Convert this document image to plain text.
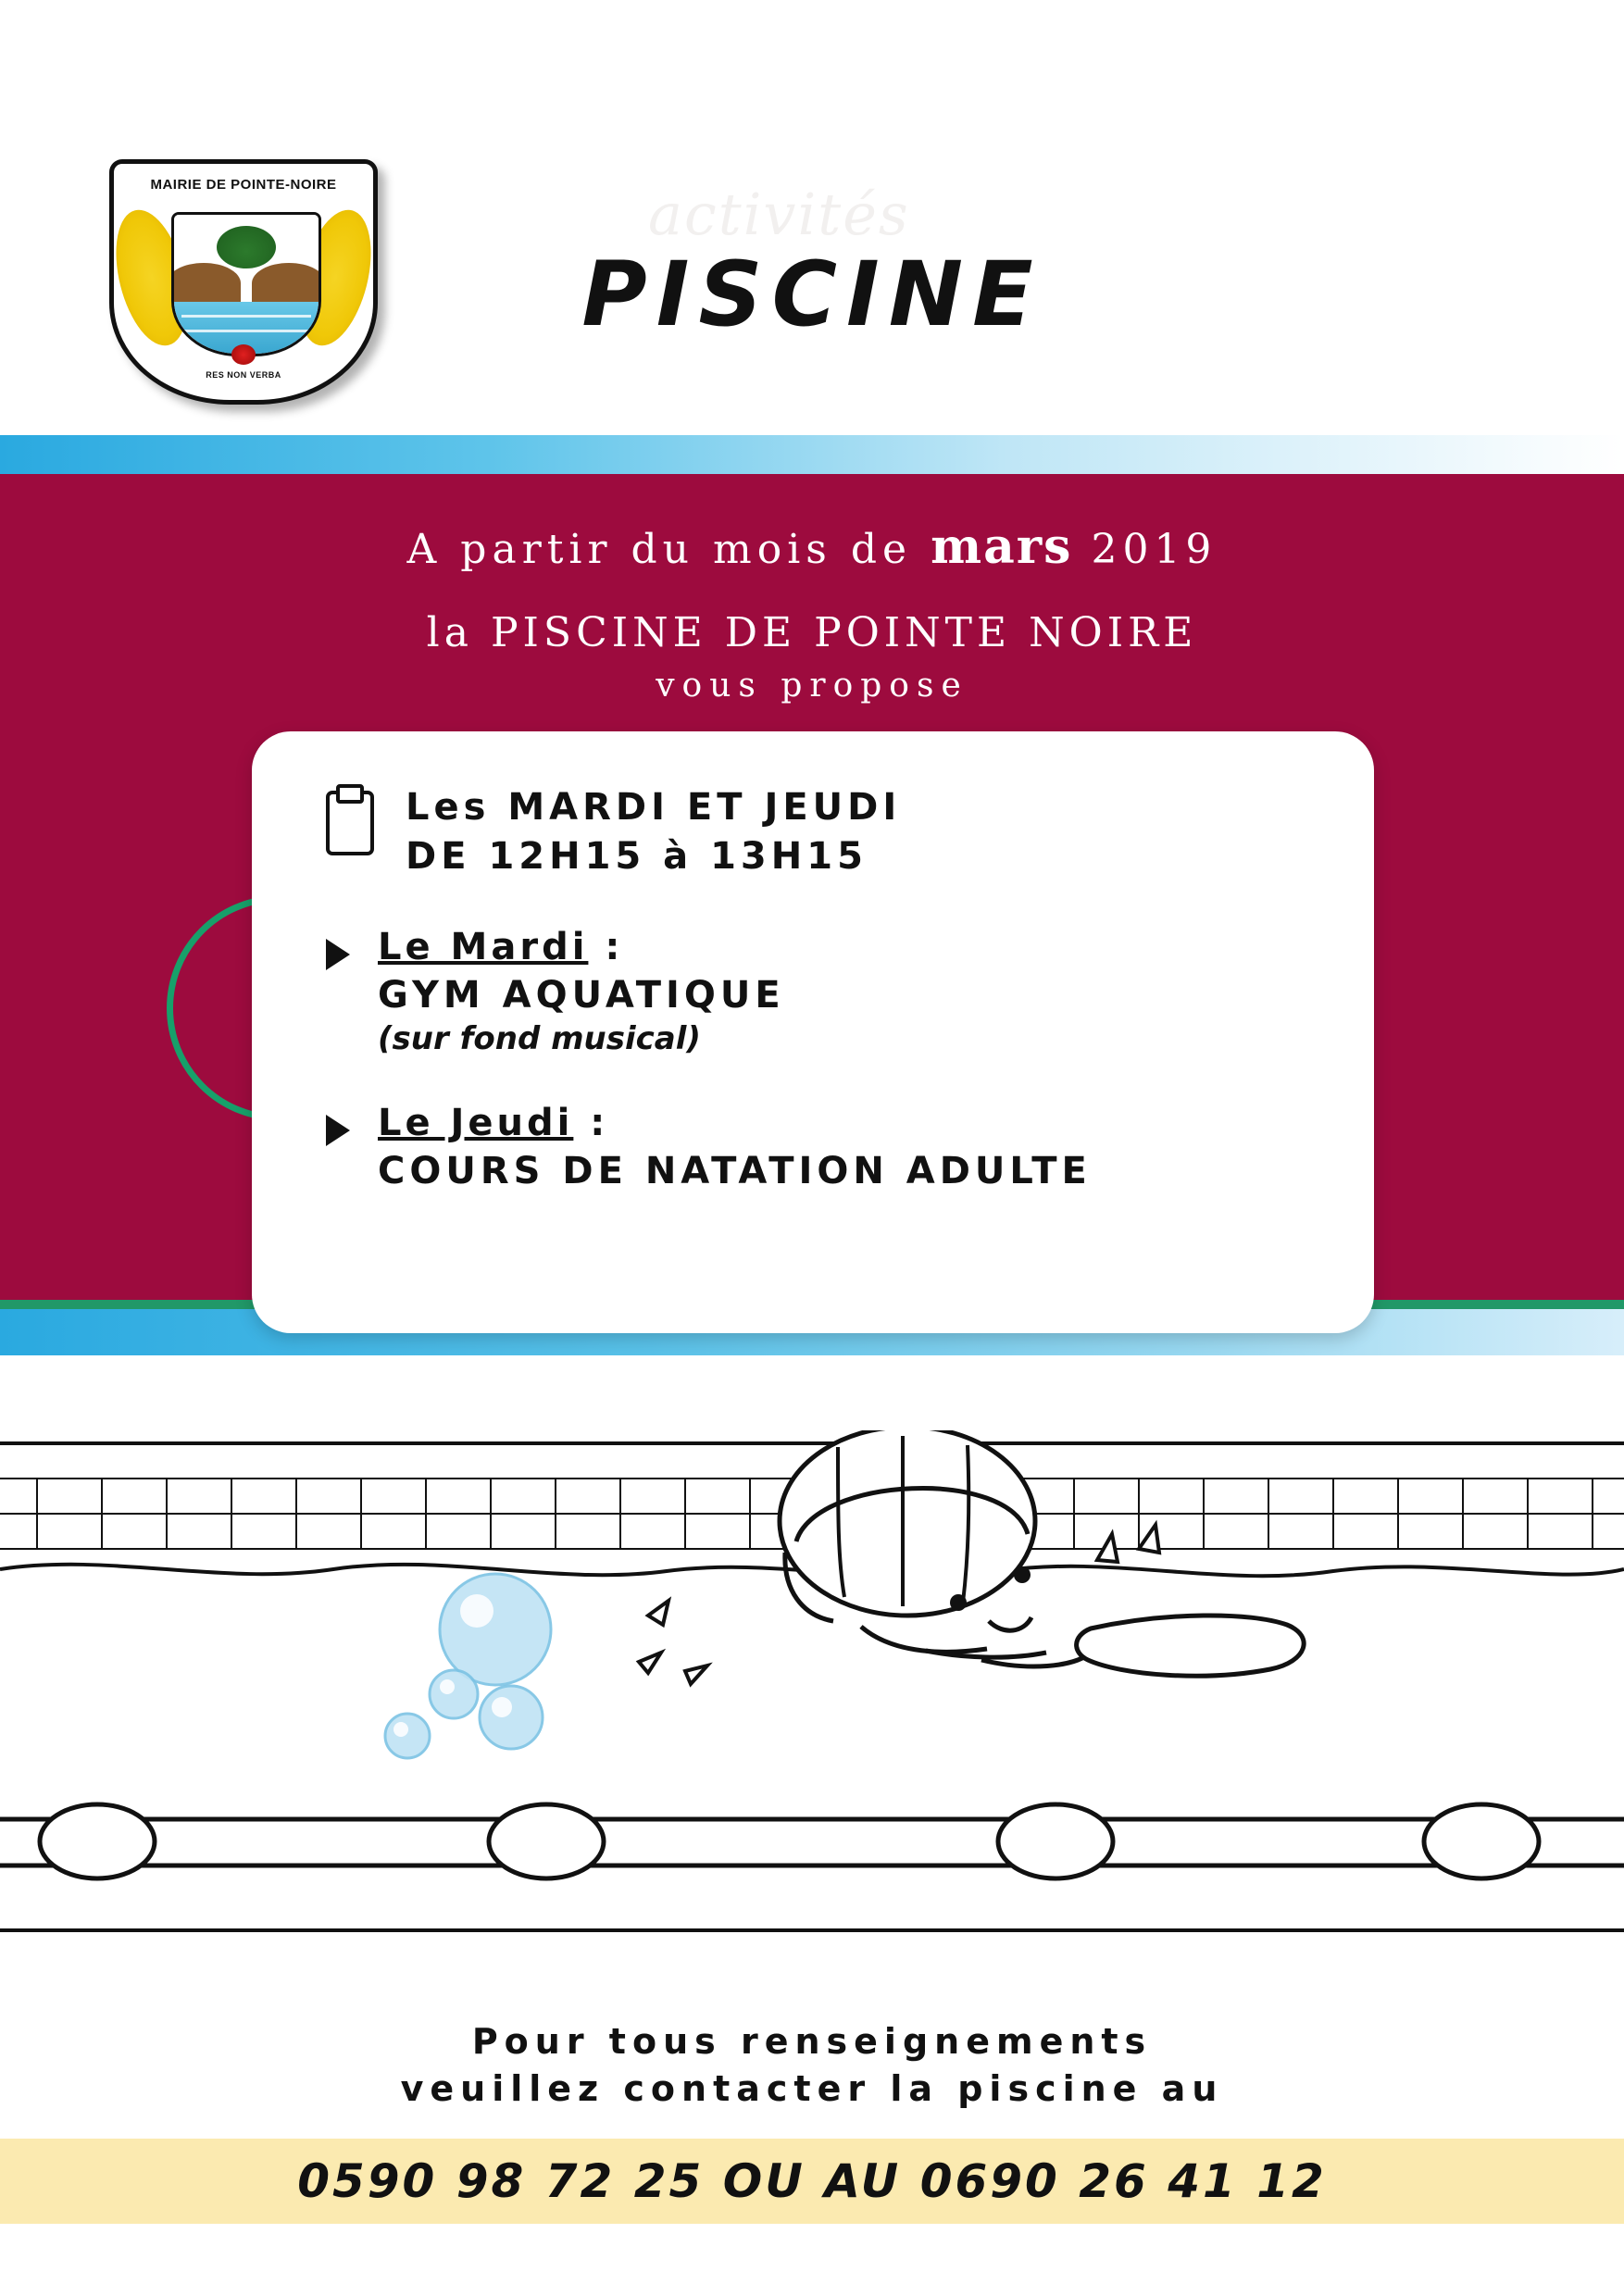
MAIRIE DE POINTE-NOIRE
RES NON VERBA
activités
PISCINE
A partir du mois de mars 2019
la PISCINE DE POINTE NOIRE
vous propose
Les MARDI ET JEUDI
DE 12H15 à 13H15
Le Mardi :
GYM AQUATIQUE
(sur fond musical)
Le Jeudi :
COURS DE NATATION ADULTE
Pour tous renseignements
veuillez contacter la piscine au
0590 98 72 25 OU AU 0690 26 41 12
